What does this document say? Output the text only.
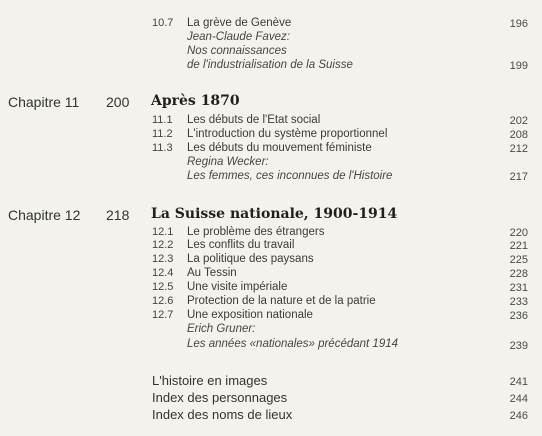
10.7 La grève de Genève	196
Jean-Claude Favez:
Nos connaissances
de l'industrialisation de la Suisse	199
Chapitre 11 200 Après 1870
11.1 Les débuts de l'Etat social	202
11.2 L'introduction du système proportionnel	208
11.3 Les débuts du mouvement féministe	212
Regina Wecker:
Les femmes, ces inconnues de l'Histoire	217
Chapitre 12 218 La Suisse nationale, 1900-1914
12.1 Le problème des étrangers	220
12.2 Les conflits du travail	221
12.3 La politique des paysans	225
12.4 Au Tessin	228
12.5 Une visite impériale	231
12.6 Protection de la nature et de la patrie	233
12.7 Une exposition nationale	236
Erich Gruner:
Les années «nationales» précédant 1914	239
L'histoire en images	241
Index des personnages	244
Index des noms de lieux	246
